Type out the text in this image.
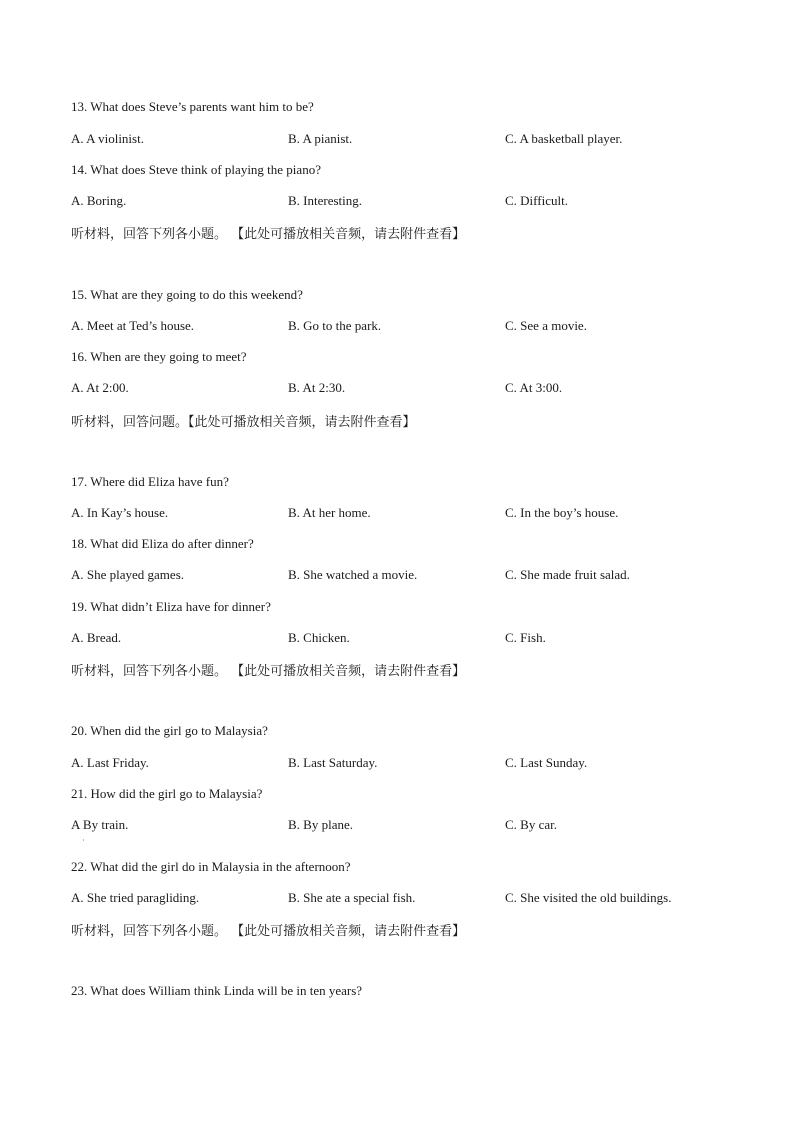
13. What does Steve’s parents want him to be?
A. A violinist.	B. A pianist.	C. A basketball player.
14. What does Steve think of playing the piano?
A. Boring.	B. Interesting.	C. Difficult.
听材料，回答下列各小题。 【此处可播放相关音频，请去附件查看】
15. What are they going to do this weekend?
A. Meet at Ted’s house.	B. Go to the park.	C. See a movie.
16. When are they going to meet?
A. At 2:00.	B. At 2:30.	C. At 3:00.
听材料，回答问题。【此处可播放相关音频，请去附件查看】
17. Where did Eliza have fun?
A. In Kay’s house.	B. At her home.	C. In the boy’s house.
18. What did Eliza do after dinner?
A. She played games.	B. She watched a movie.	C. She made fruit salad.
19. What didn’t Eliza have for dinner?
A. Bread.	B. Chicken.	C. Fish.
听材料，回答下列各小题。 【此处可播放相关音频，请去附件查看】
20. When did the girl go to Malaysia?
A. Last Friday.	B. Last Saturday.	C. Last Sunday.
21. How did the girl go to Malaysia?
A By train.	B. By plane.	C. By car.
·
22. What did the girl do in Malaysia in the afternoon?
A. She tried paragliding.	B. She ate a special fish.	C. She visited the old buildings.
听材料，回答下列各小题。 【此处可播放相关音频，请去附件查看】
23. What does William think Linda will be in ten years?
